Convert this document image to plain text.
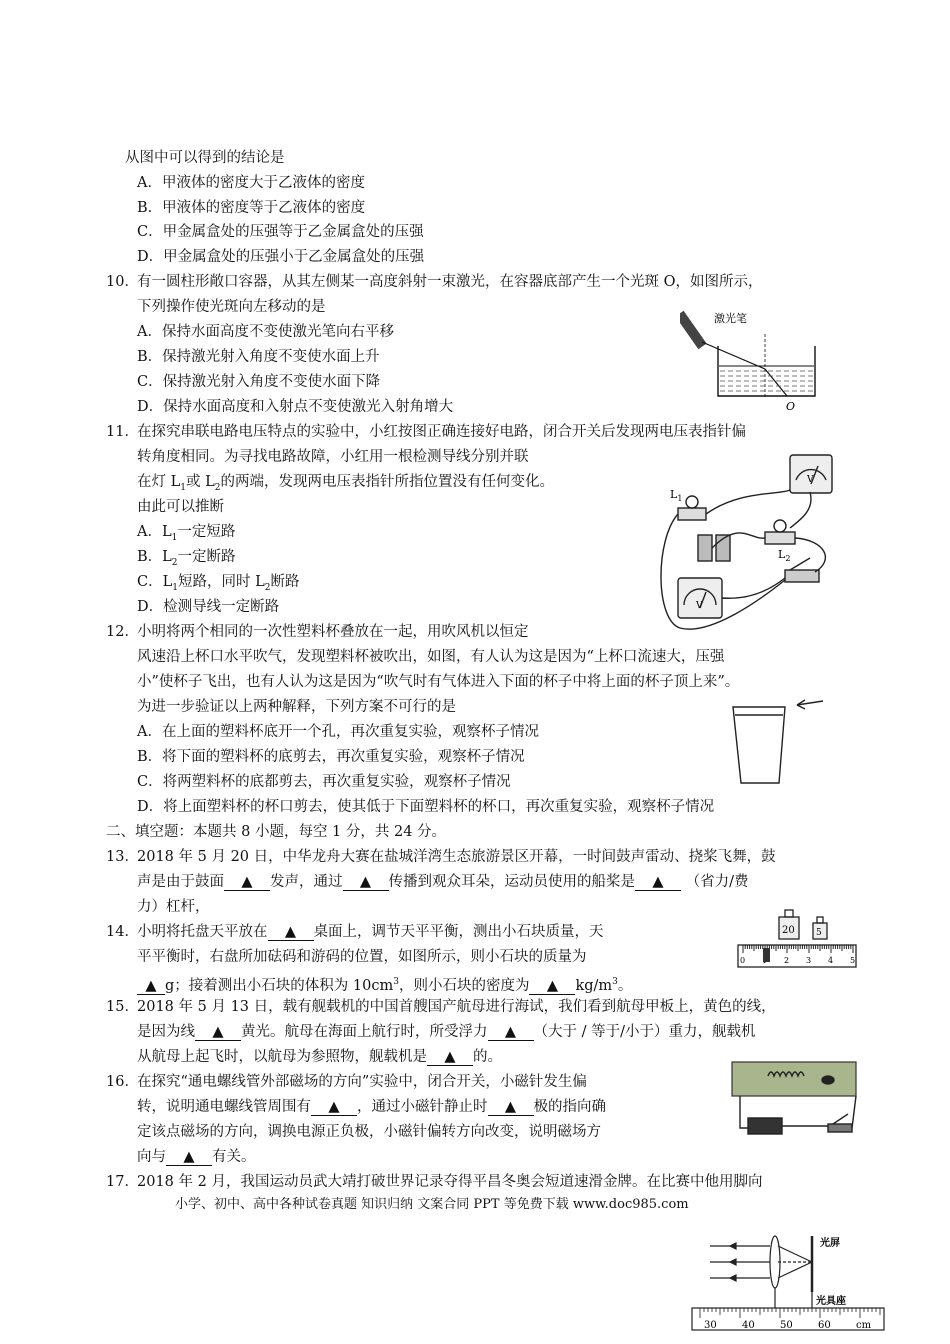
从图中可以得到的结论是
A．甲液体的密度大于乙液体的密度
B．甲液体的密度等于乙液体的密度
C．甲金属盒处的压强等于乙金属盒处的压强
D．甲金属盒处的压强小于乙金属盒处的压强
10．
有一圆柱形敞口容器，从其左侧某一高度斜射一束激光，在容器底部产生一个光斑 O，如图所示，
下列操作使光斑向左移动的是
A．保持水面高度不变使激光笔向右平移
B．保持激光射入角度不变使水面上升
C．保持激光射入角度不变使水面下降
D．保持水面高度和入射点不变使激光入射角增大
激光笔
O
11．
在探究串联电路电压特点的实验中，小红按图正确连接好电路，闭合开关后发现两电压表指针偏
转角度相同。为寻找电路故障，小红用一根检测导线分别并联
在灯 $L_1$或 $L_2$的两端，发现两电压表指针所指位置没有任何变化。
由此可以推断
A．$L_1$一定短路
B．$L_2$一定断路
C．$L_1$短路，同时 $L_2$断路
D．检测导线一定断路
$L_1$
$L_2$
V
V
12．
小明将两个相同的一次性塑料杯叠放在一起，用吹风机以恒定
风速沿上杯口水平吹气，发现塑料杯被吹出，如图，有人认为这是因为“上杯口流速大，压强
小”使杯子飞出，也有人认为这是因为“吹气时有气体进入下面的杯子中将上面的杯子顶上来”。
为进一步验证以上两种解释，下列方案不可行的是
A．在上面的塑料杯底开一个孔，再次重复实验，观察杯子情况
B．将下面的塑料杯的底剪去，再次重复实验，观察杯子情况
C．将两塑料杯的底都剪去，再次重复实验，观察杯子情况
D．将上面塑料杯的杯口剪去，使其低于下面塑料杯的杯口，再次重复实验，观察杯子情况
二、填空题：本题共 8 小题，每空 1 分，共 24 分。
13．
2018 年 5 月 20 日，中华龙舟大赛在盐城洋湾生态旅游景区开幕，一时间鼓声雷动、挠桨飞舞，鼓
声是由于鼓面 ▲ 发声，通过 ▲ 传播到观众耳朵，运动员使用的船桨是 ▲ （省力/费
力）杠杆，
14．
小明将托盘天平放在 ▲ 桌面上，调节天平平衡，测出小石块质量，天
平平衡时，右盘所加砝码和游码的位置，如图所示，则小石块的质量为
▲ g；接着测出小石块的体积为 $10cm^3$，则小石块的密度为 ▲ $kg/m^3$。
20 5
0	2 3 4 5
15．
2018 年 5 月 13 日，载有舰载机的中国首艘国产航母进行海试，我们看到航母甲板上，黄色的线，
是因为线 ▲ 黄光。航母在海面上航行时，所受浮力 ▲ （大于 / 等于/小于）重力，舰载机
从航母上起飞时，以航母为参照物，舰载机是 ▲ 的。
16．
在探究“通电螺线管外部磁场的方向”实验中，闭合开关，小磁针发生偏
转，说明通电螺线管周围有 ▲ ，通过小磁针静止时 ▲ 极的指向确
定该点磁场的方向，调换电源正负极，小磁针偏转方向改变，说明磁场方
向与 ▲ 有关。
17．
2018 年 2 月，我国运动员武大靖打破世界记录夺得平昌冬奥会短道速滑金牌。在比赛中他用脚向
小学、初中、高中各种试卷真题 知识归纳 文案合同 PPT 等免费下载 www.doc985.com
光屏
光具座
30	40	50	60	cm
